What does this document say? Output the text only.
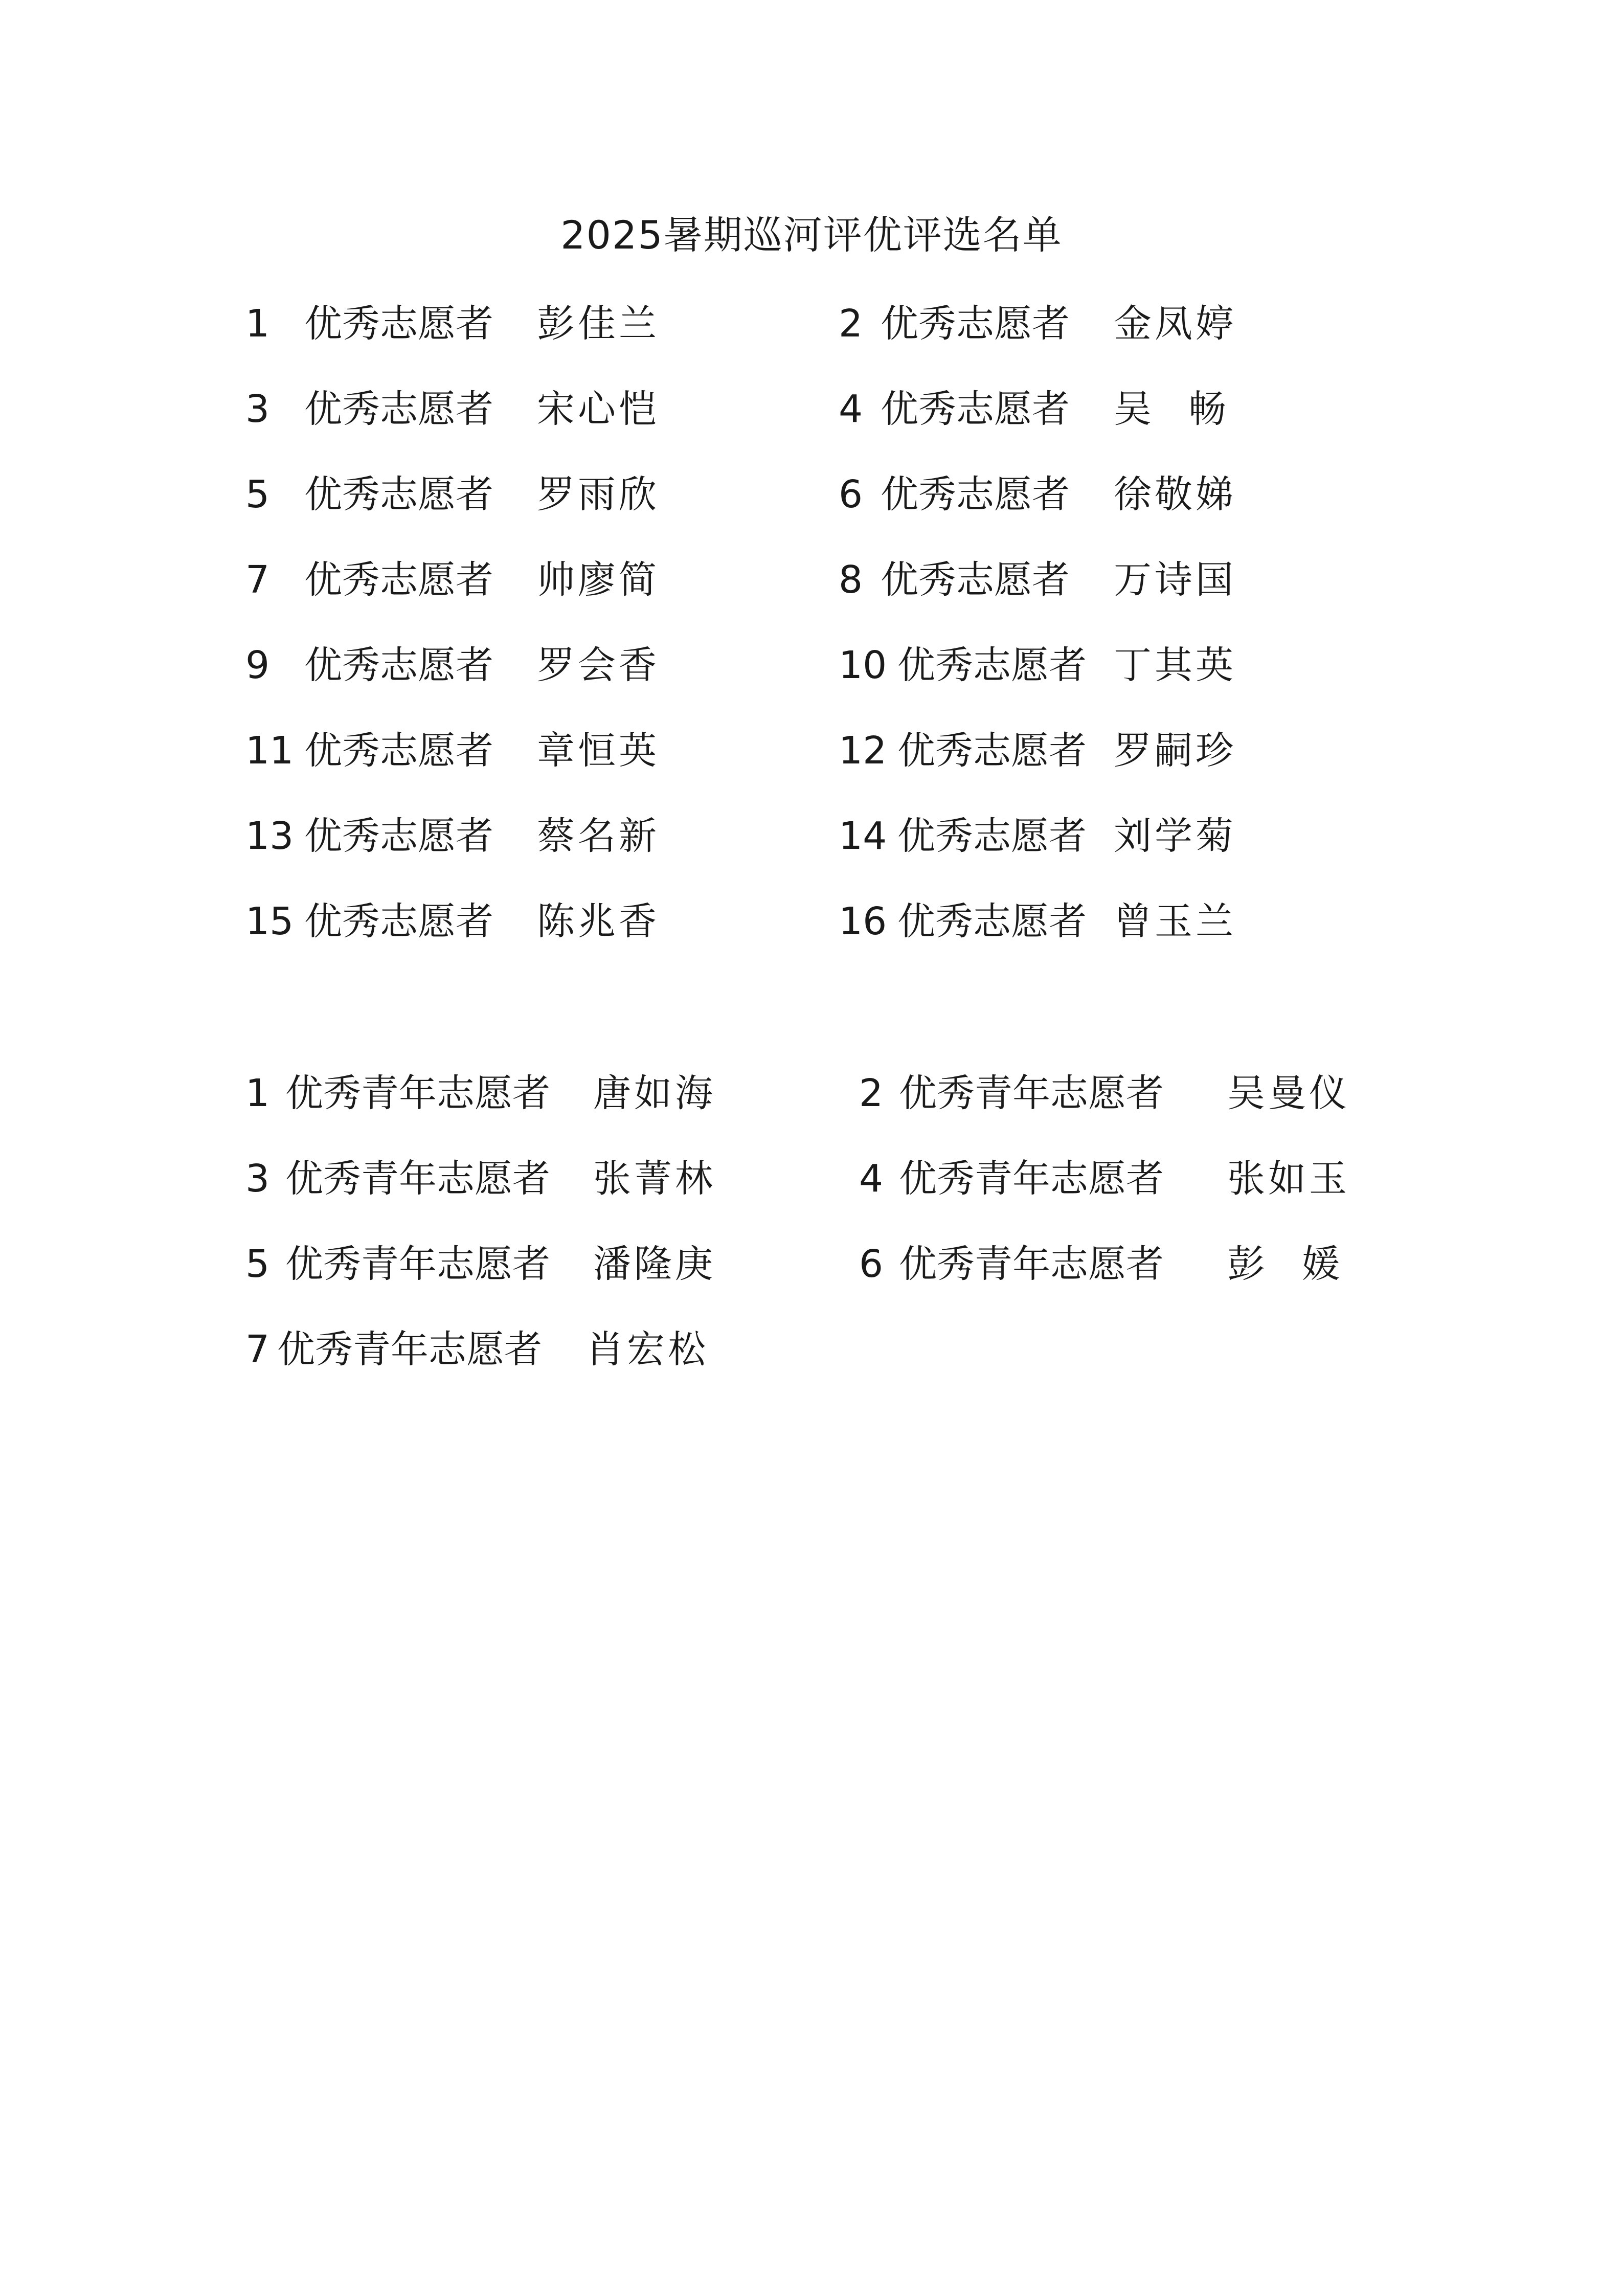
2025暑期巡河评优评选名单
1 优秀志愿者 彭佳兰
3 优秀志愿者 宋心恺
5 优秀志愿者 罗雨欣
7 优秀志愿者 帅廖简
9 优秀志愿者 罗会香
11 优秀志愿者 章恒英
13 优秀志愿者 蔡名新
15 优秀志愿者 陈兆香
2 优秀志愿者 金凤婷
4 优秀志愿者 吴畅
6 优秀志愿者 徐敬娣
8 优秀志愿者 万诗国
10 优秀志愿者 丁其英
12 优秀志愿者 罗嗣珍
14 优秀志愿者 刘学菊
16 优秀志愿者 曾玉兰
1 优秀青年志愿者 唐如海
3 优秀青年志愿者 张菁林
5 优秀青年志愿者 潘隆庚
7 优秀青年志愿者 肖宏松
2 优秀青年志愿者 吴曼仪
4 优秀青年志愿者 张如玉
6 优秀青年志愿者 彭媛
